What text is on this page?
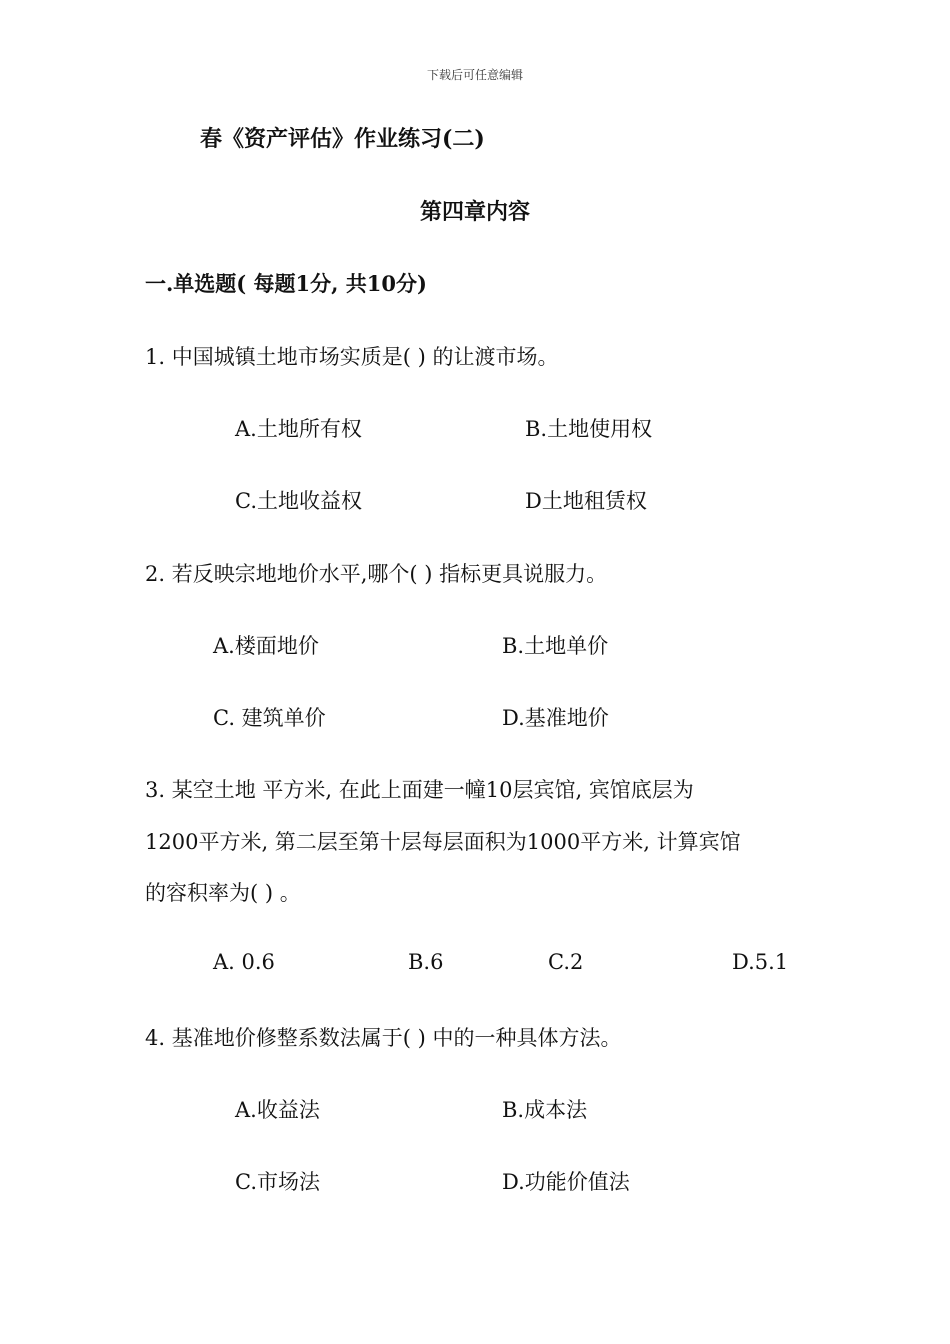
下载后可任意编辑
春《资产评估》作业练习(二)
第四章内容
一.单选题( 每题1分, 共10分)
1. 中国城镇土地市场实质是( ) 的让渡市场。
A.土地所有权	B.土地使用权
C.土地收益权	D土地租赁权
2. 若反映宗地地价水平,哪个( ) 指标更具说服力。
A.楼面地价	B.土地单价
C. 建筑单价	D.基准地价
3. 某空土地 平方米, 在此上面建一幢10层宾馆, 宾馆底层为
1200平方米, 第二层至第十层每层面积为1000平方米, 计算宾馆
的容积率为( ) 。
A. 0.6	B.6	C.2	D.5.1
4. 基准地价修整系数法属于( ) 中的一种具体方法。
A.收益法	B.成本法
C.市场法	D.功能价值法
